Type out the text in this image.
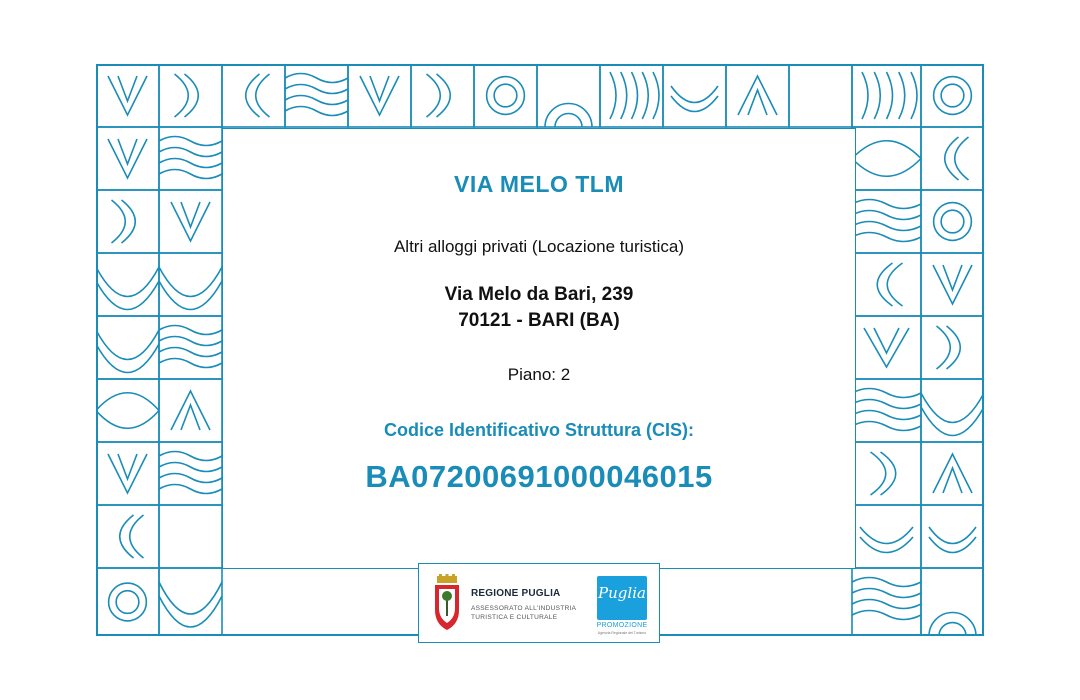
VIA MELO TLM
Altri alloggi privati (Locazione turistica)
Via Melo da Bari, 239
70121 - BARI (BA)
Piano: 2
Codice Identificativo Struttura (CIS):
BA07200691000046015
REGIONE PUGLIA
ASSESSORATO ALL'INDUSTRIA
TURISTICA E CULTURALE
Puglia
PROMOZIONE
Agenzia Regionale del Turismo
